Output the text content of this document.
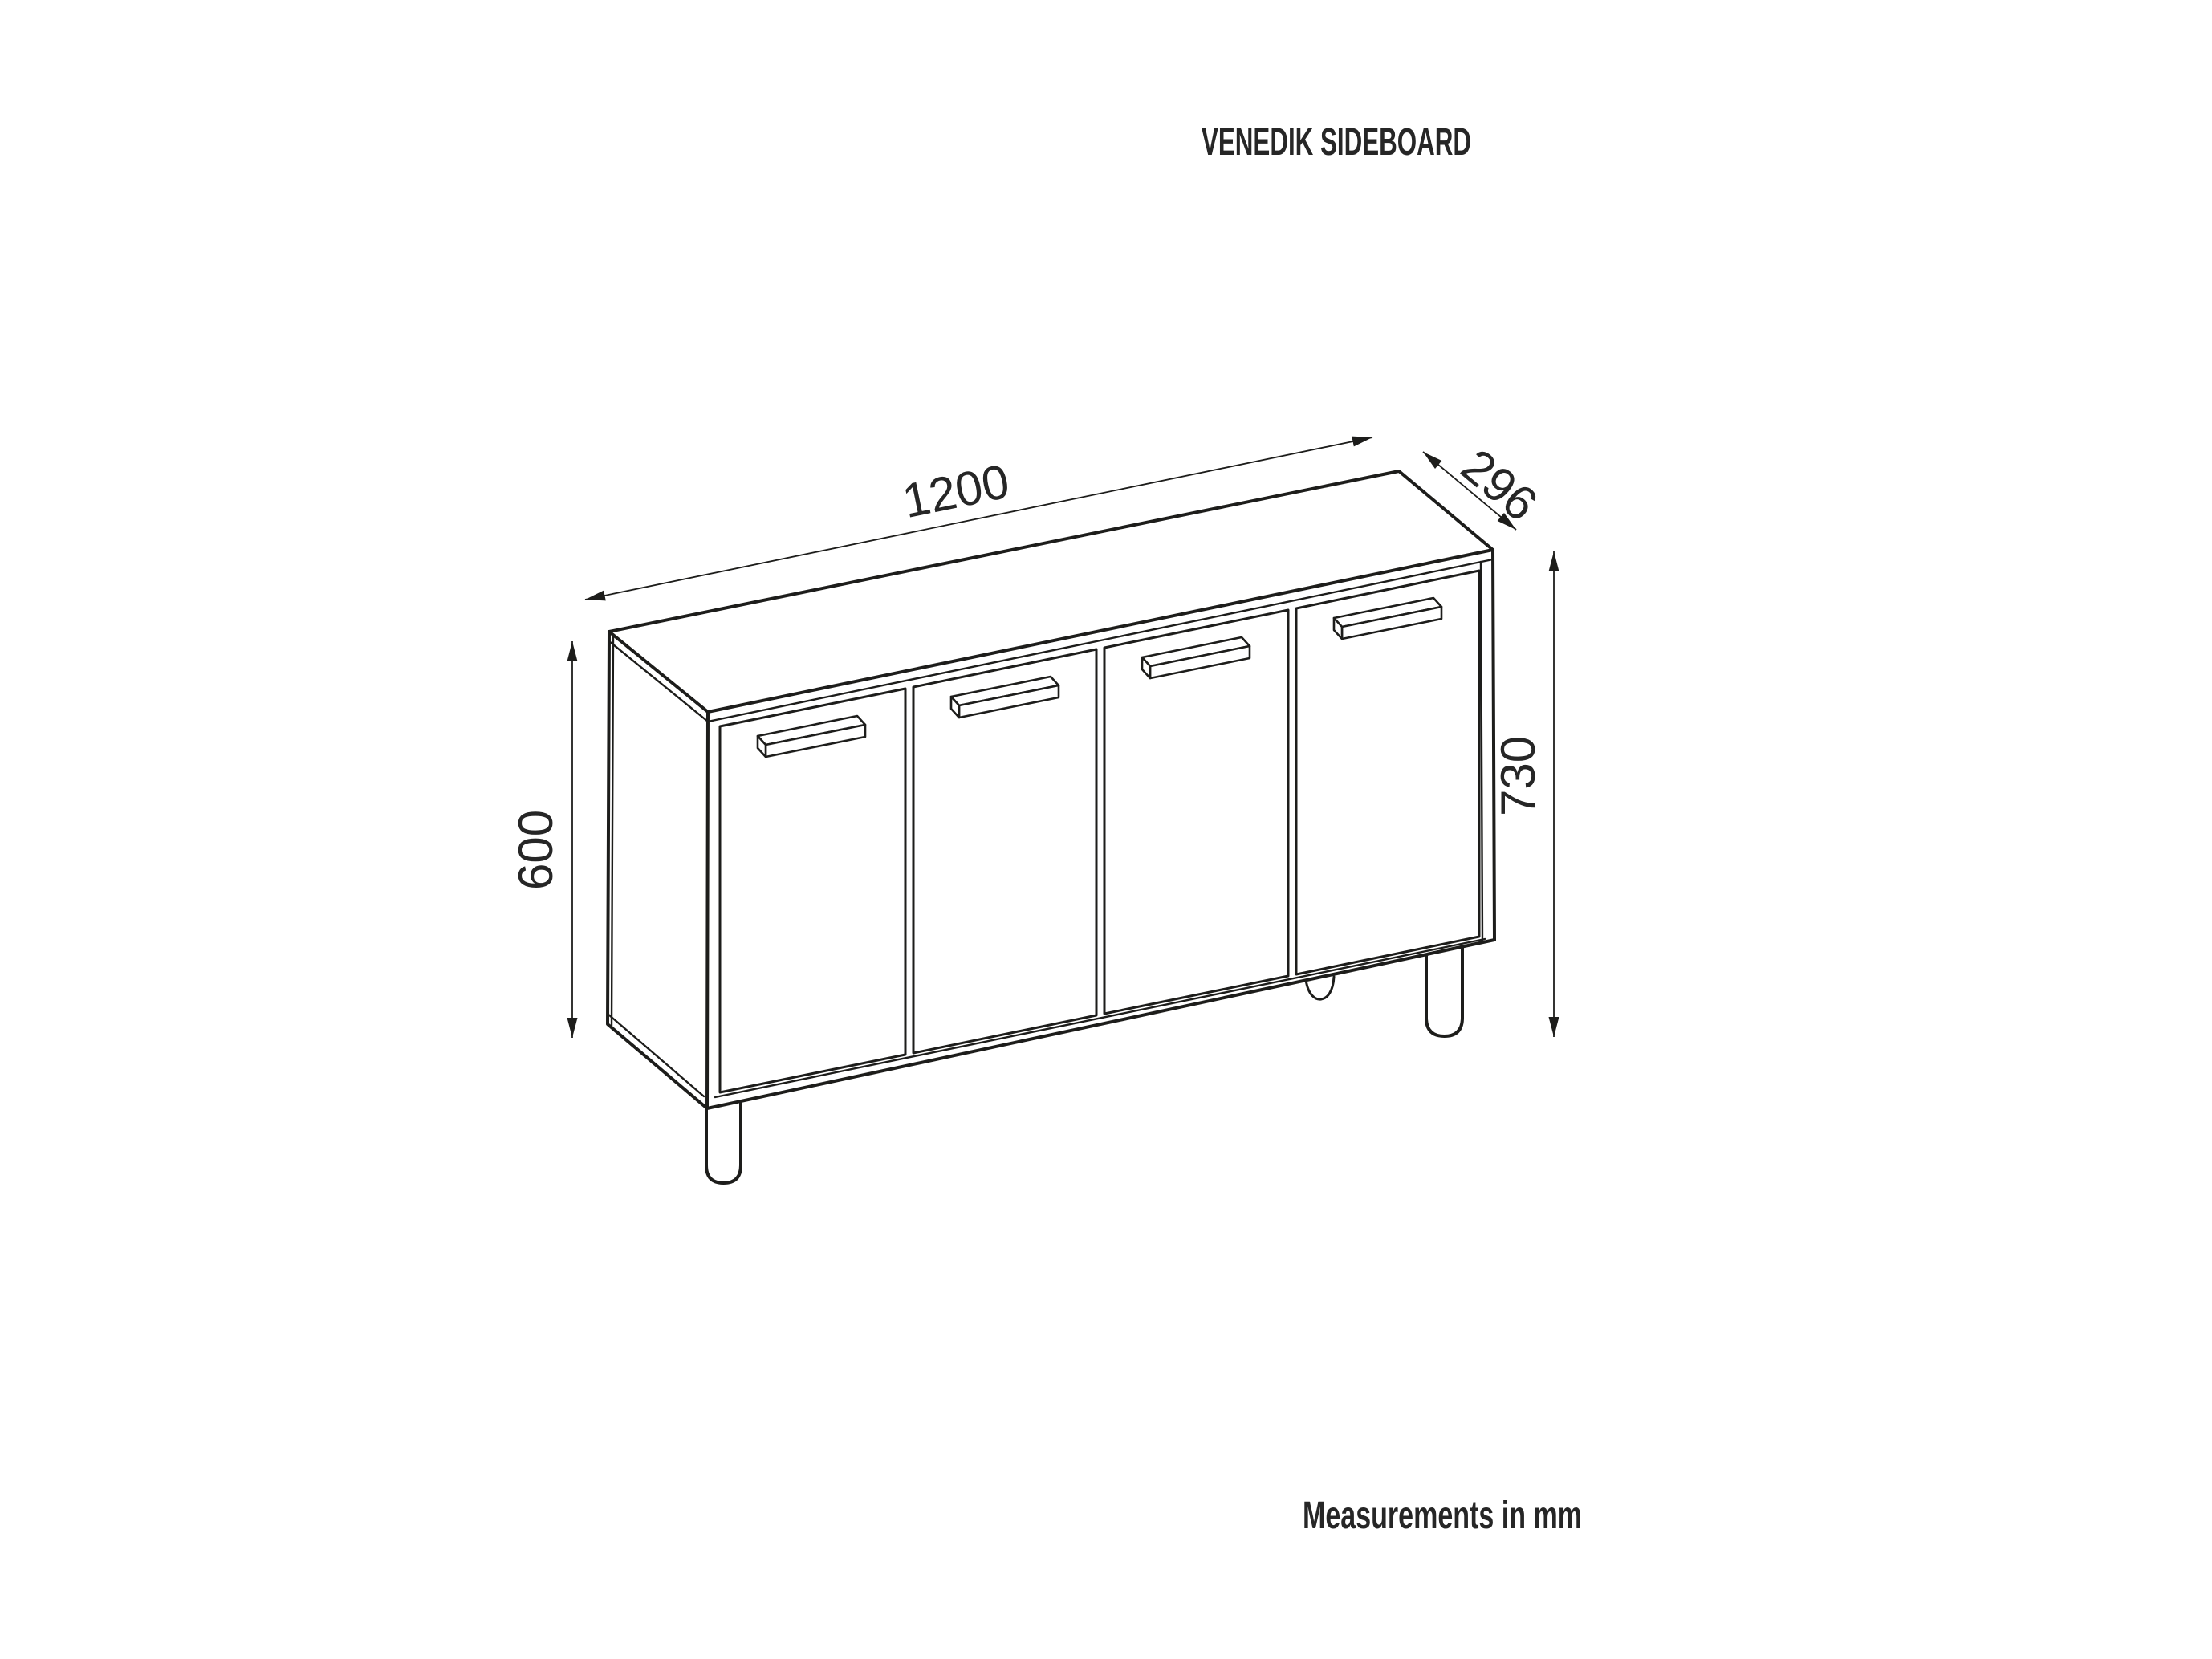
VENEDIK SIDEBOARD
Measurements in mm
1200	296
730
600
